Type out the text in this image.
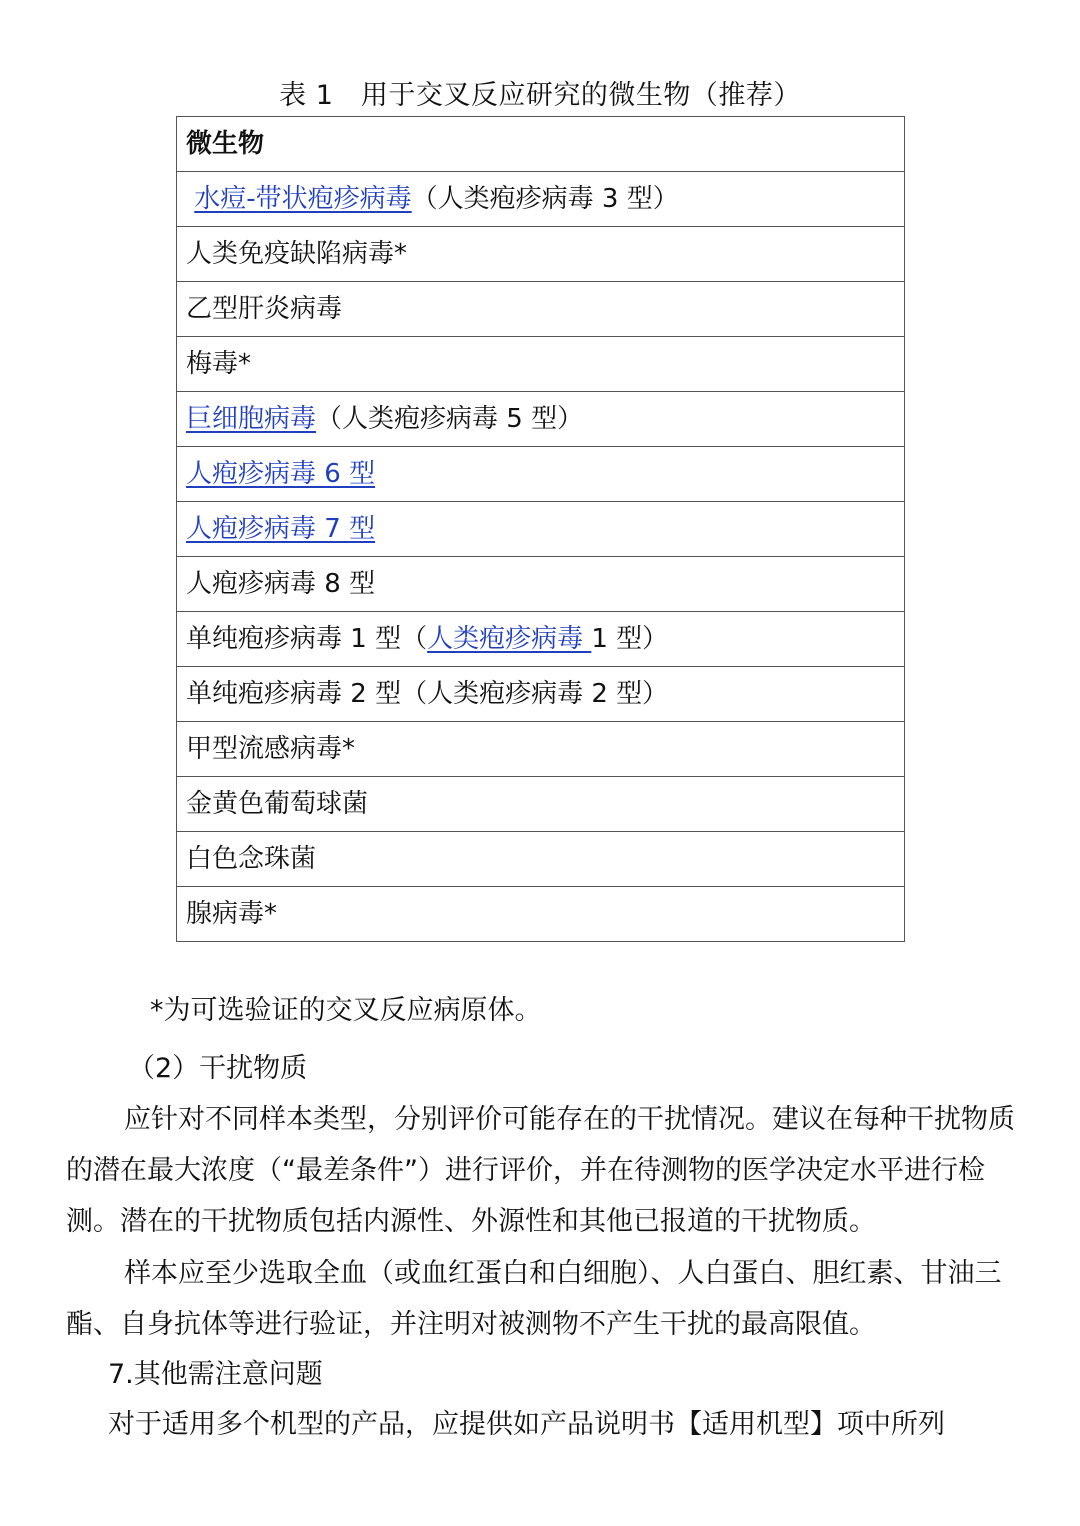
表 1　用于交叉反应研究的微生物（推荐）
微生物
水痘-带状疱疹病毒（人类疱疹病毒 3 型）
人类免疫缺陷病毒*
乙型肝炎病毒
梅毒*
巨细胞病毒（人类疱疹病毒 5 型）
人疱疹病毒 6 型
人疱疹病毒 7 型
人疱疹病毒 8 型
单纯疱疹病毒 1 型（人类疱疹病毒 1 型）
单纯疱疹病毒 2 型（人类疱疹病毒 2 型）
甲型流感病毒*
金黄色葡萄球菌
白色念珠菌
腺病毒*

*为可选验证的交叉反应病原体。

（2）干扰物质

应针对不同样本类型，分别评价可能存在的干扰情况。建议在每种干扰物质的潜在最大浓度（“最差条件”）进行评价，并在待测物的医学决定水平进行检测。潜在的干扰物质包括内源性、外源性和其他已报道的干扰物质。

样本应至少选取全血（或血红蛋白和白细胞）、人白蛋白、胆红素、甘油三酯、自身抗体等进行验证，并注明对被测物不产生干扰的最高限值。

7.其他需注意问题

对于适用多个机型的产品，应提供如产品说明书【适用机型】项中所列
